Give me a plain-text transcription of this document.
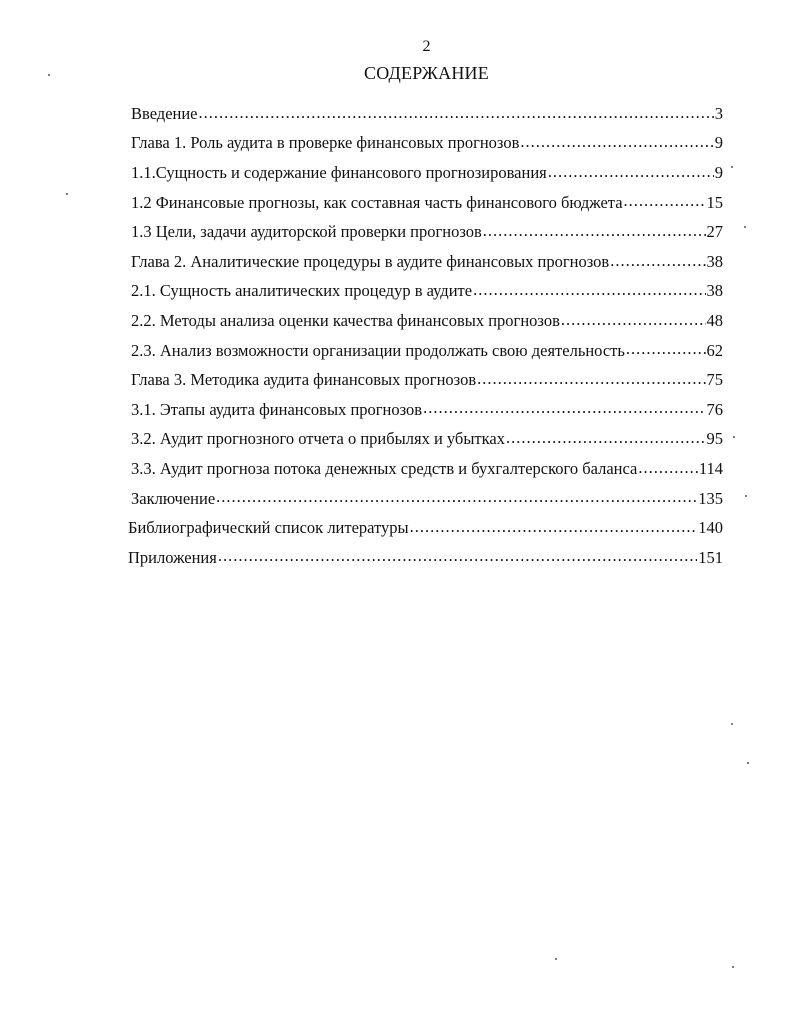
2
СОДЕРЖАНИЕ
Введение .....	3
Глава 1. Роль аудита в проверке финансовых прогнозов .....	9
1.1.Сущность и содержание финансового прогнозирования .....	9
1.2 Финансовые прогнозы, как составная часть финансового бюджета .....	15
1.3 Цели, задачи аудиторской проверки прогнозов .....	27
Глава 2. Аналитические процедуры в аудите финансовых прогнозов .....	38
2.1. Сущность аналитических процедур в аудите .....	38
2.2. Методы анализа оценки качества финансовых прогнозов .....	48
2.3. Анализ возможности организации продолжать свою деятельность .....	62
Глава 3. Методика аудита финансовых прогнозов .....	75
3.1. Этапы аудита финансовых прогнозов .....	76
3.2. Аудит прогнозного отчета о прибылях и убытках .....	95
3.3. Аудит прогноза потока денежных средств и бухгалтерского баланса .....	114
Заключение .....	135
Библиографический список литературы .....	140
Приложения .....	151
